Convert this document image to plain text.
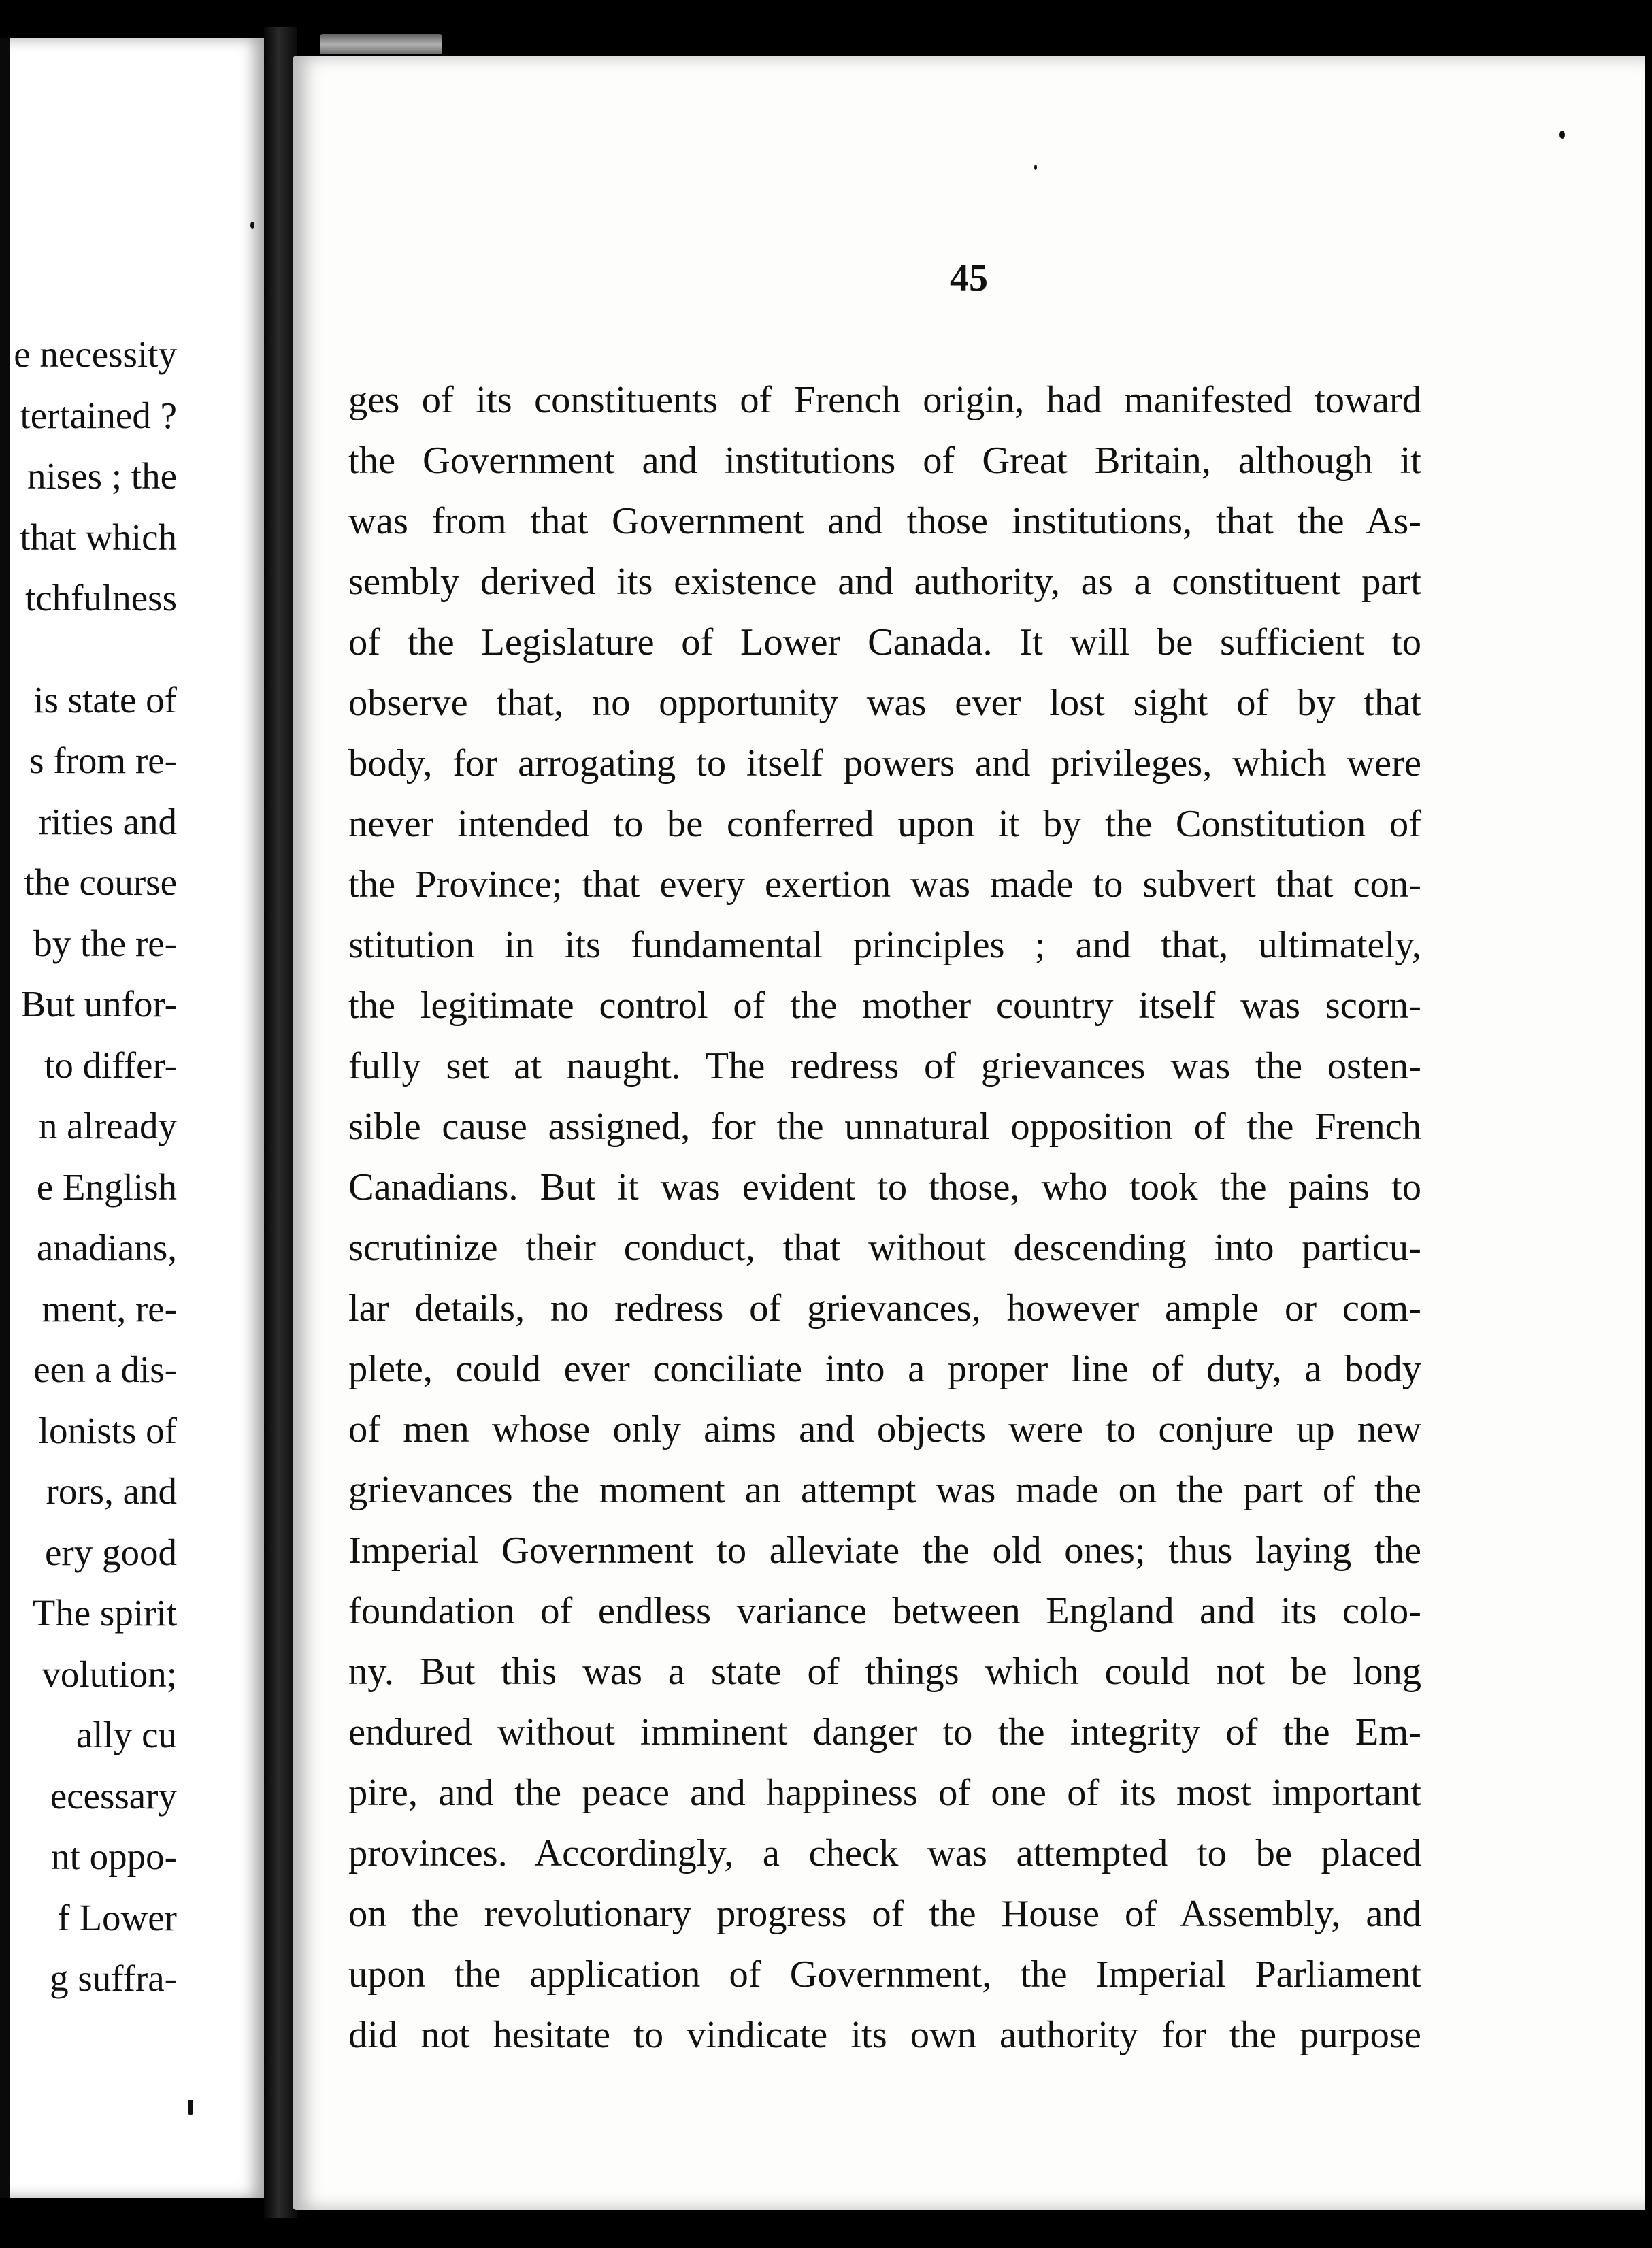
e necessity
tertained ?
nises ; the
that which
tchfulness
is state of
s from re-
rities and
the course
by the re-
But unfor-
to differ-
n already
e English
anadians,
ment, re-
een a dis-
lonists of
rors, and
ery good
The spirit
volution;
ally cu
ecessary
nt oppo-
f Lower
g suffra-
45
ges of its constituents of French origin, had manifested toward
the Government and institutions of Great Britain, although it
was from that Government and those institutions, that the As-
sembly derived its existence and authority, as a constituent part
of the Legislature of Lower Canada. It will be sufficient to
observe that, no opportunity was ever lost sight of by that
body, for arrogating to itself powers and privileges, which were
never intended to be conferred upon it by the Constitution of
the Province; that every exertion was made to subvert that con-
stitution in its fundamental principles ; and that, ultimately,
the legitimate control of the mother country itself was scorn-
fully set at naught. The redress of grievances was the osten-
sible cause assigned, for the unnatural opposition of the French
Canadians. But it was evident to those, who took the pains to
scrutinize their conduct, that without descending into particu-
lar details, no redress of grievances, however ample or com-
plete, could ever conciliate into a proper line of duty, a body
of men whose only aims and objects were to conjure up new
grievances the moment an attempt was made on the part of the
Imperial Government to alleviate the old ones; thus laying the
foundation of endless variance between England and its colo-
ny. But this was a state of things which could not be long
endured without imminent danger to the integrity of the Em-
pire, and the peace and happiness of one of its most important
provinces. Accordingly, a check was attempted to be placed
on the revolutionary progress of the House of Assembly, and
upon the application of Government, the Imperial Parliament
did not hesitate to vindicate its own authority for the purpose
